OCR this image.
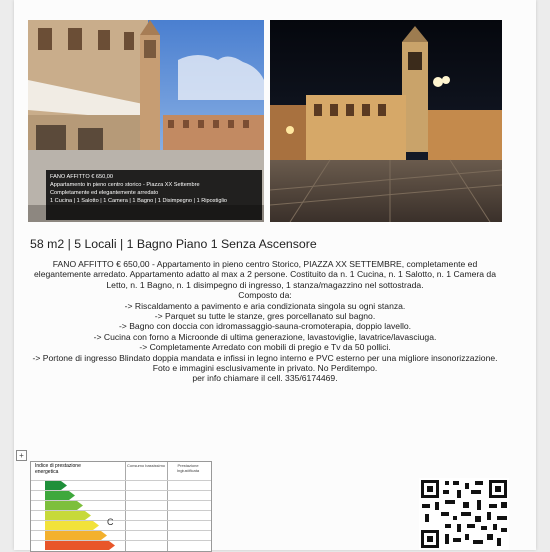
FANO AFFITTO € 650,00
Appartamento in pieno centro storico - Piazza XX Settembre
Completamente ed elegantemente arredato
1 Cucina | 1 Salotto | 1 Camera | 1 Bagno | 1 Disimpegno | 1 Ripostiglio
58 m2 | 5 Locali | 1 Bagno Piano 1 Senza Ascensore

FANO AFFITTO € 650,00 - Appartamento in pieno centro Storico, PIAZZA XX SETTEMBRE, completamente ed elegantemente arredato. Appartamento adatto al max a 2 persone. Costituito da n. 1 Cucina, n. 1 Salotto, n. 1 Camera da Letto, n. 1 Bagno, n. 1 disimpegno di ingresso, 1 stanza/magazzino nel sottostrada.

Composto da:

-> Riscaldamento a pavimento e aria condizionata singola su ogni stanza.

-> Parquet su tutte le stanze, gres porcellanato sul bagno.

-> Bagno con doccia con idromassaggio-sauna-cromoterapia, doppio lavello.

-> Cucina con forno a Microonde di ultima generazione, lavastoviglie, lavatrice/lavasciuga.

-> Completamente Arredato con mobili di pregio e Tv da 50 pollici.

-> Portone di ingresso Blindato doppia mandata e infissi in legno interno e PVC esterno per una migliore insonorizzazione.

Foto e immagini esclusivamente in privato. No Perditempo.

per info chiamare il cell. 335/6174469.

+
Indice di prestazione energetica
Consumo bassissimo	Prestazione Ingiustificata
C
